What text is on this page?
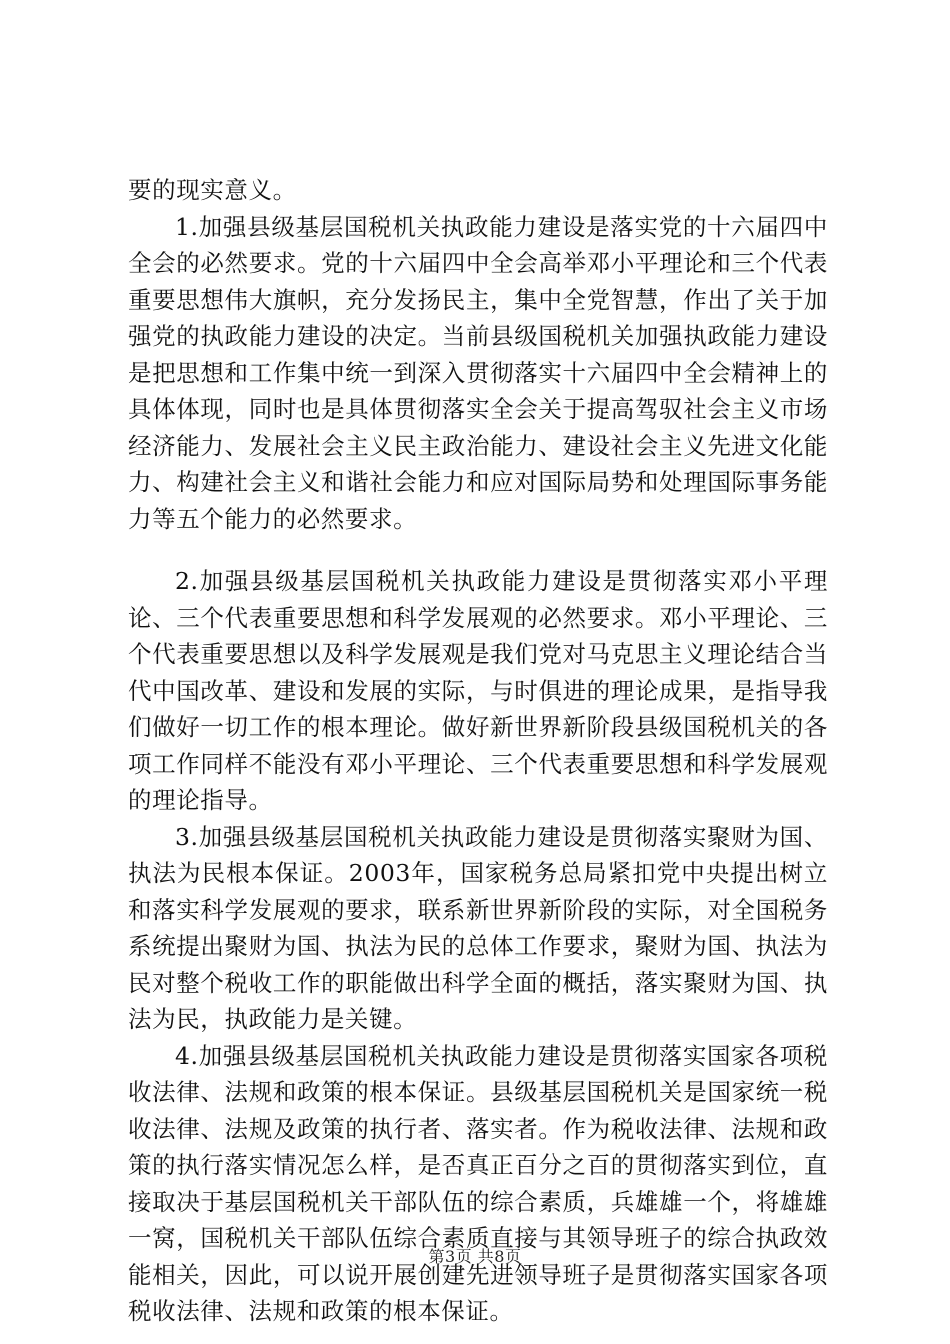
要的现实意义。

1.加强县级基层国税机关执政能力建设是落实党的十六届四中全会的必然要求。党的十六届四中全会高举邓小平理论和三个代表重要思想伟大旗帜，充分发扬民主，集中全党智慧，作出了关于加强党的执政能力建设的决定。当前县级国税机关加强执政能力建设是把思想和工作集中统一到深入贯彻落实十六届四中全会精神上的具体体现，同时也是具体贯彻落实全会关于提高驾驭社会主义市场经济能力、发展社会主义民主政治能力、建设社会主义先进文化能力、构建社会主义和谐社会能力和应对国际局势和处理国际事务能力等五个能力的必然要求。

2.加强县级基层国税机关执政能力建设是贯彻落实邓小平理论、三个代表重要思想和科学发展观的必然要求。邓小平理论、三个代表重要思想以及科学发展观是我们党对马克思主义理论结合当代中国改革、建设和发展的实际，与时俱进的理论成果，是指导我们做好一切工作的根本理论。做好新世界新阶段县级国税机关的各项工作同样不能没有邓小平理论、三个代表重要思想和科学发展观的理论指导。

3.加强县级基层国税机关执政能力建设是贯彻落实聚财为国、执法为民根本保证。2003年，国家税务总局紧扣党中央提出树立和落实科学发展观的要求，联系新世界新阶段的实际，对全国税务系统提出聚财为国、执法为民的总体工作要求，聚财为国、执法为民对整个税收工作的职能做出科学全面的概括，落实聚财为国、执法为民，执政能力是关键。

4.加强县级基层国税机关执政能力建设是贯彻落实国家各项税收法律、法规和政策的根本保证。县级基层国税机关是国家统一税收法律、法规及政策的执行者、落实者。作为税收法律、法规和政策的执行落实情况怎么样，是否真正百分之百的贯彻落实到位，直接取决于基层国税机关干部队伍的综合素质，兵雄雄一个，将雄雄一窝，国税机关干部队伍综合素质直接与其领导班子的综合执政效能相关，因此，可以说开展创建先进领导班子是贯彻落实国家各项税收法律、法规和政策的根本保证。

第3页 共8页
